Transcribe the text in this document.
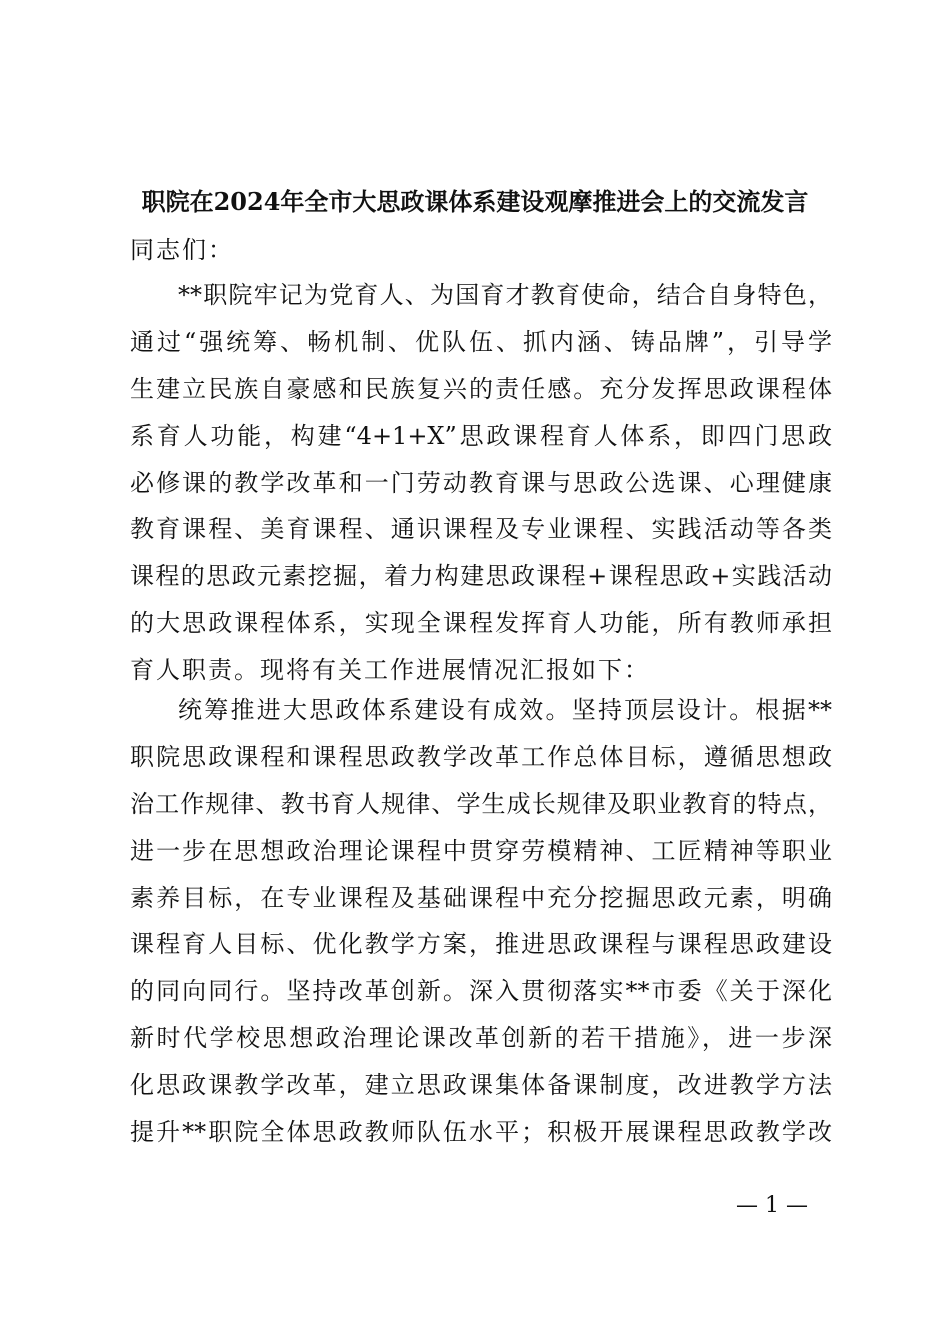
职院在2024年全市大思政课体系建设观摩推进会上的交流发言
同志们：
**职院牢记为党育人、为国育才教育使命，结合自身特色，
通过“强统筹、畅机制、优队伍、抓内涵、铸品牌”，引导学
生建立民族自豪感和民族复兴的责任感。充分发挥思政课程体
系育人功能，构建“4+1+X”思政课程育人体系，即四门思政
必修课的教学改革和一门劳动教育课与思政公选课、心理健康
教育课程、美育课程、通识课程及专业课程、实践活动等各类
课程的思政元素挖掘，着力构建思政课程+课程思政+实践活动
的大思政课程体系，实现全课程发挥育人功能，所有教师承担
育人职责。现将有关工作进展情况汇报如下：
统筹推进大思政体系建设有成效。坚持顶层设计。根据**
职院思政课程和课程思政教学改革工作总体目标，遵循思想政
治工作规律、教书育人规律、学生成长规律及职业教育的特点，
进一步在思想政治理论课程中贯穿劳模精神、工匠精神等职业
素养目标，在专业课程及基础课程中充分挖掘思政元素，明确
课程育人目标、优化教学方案，推进思政课程与课程思政建设
的同向同行。坚持改革创新。深入贯彻落实**市委《关于深化
新时代学校思想政治理论课改革创新的若干措施》，进一步深
化思政课教学改革，建立思政课集体备课制度，改进教学方法
提升**职院全体思政教师队伍水平；积极开展课程思政教学改
— 1 —
